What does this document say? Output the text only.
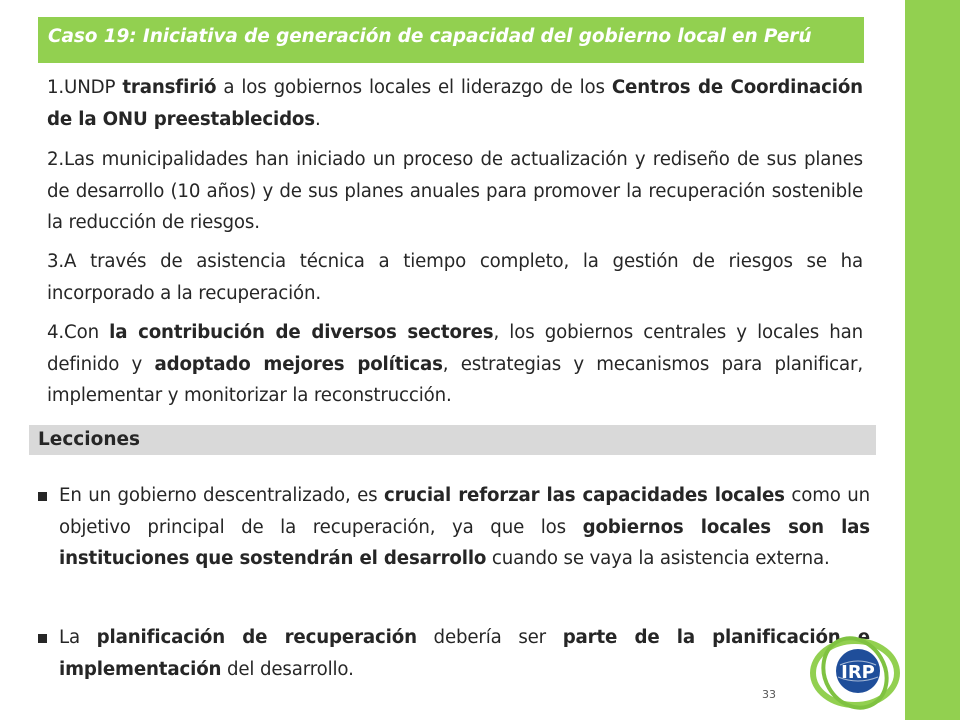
Caso 19: Iniciativa de generación de capacidad del gobierno local en Perú
1.UNDP transfirió a los gobiernos locales el liderazgo de los Centros de Coordinación de la ONU preestablecidos.
2.Las municipalidades han iniciado un proceso de actualización y rediseño de sus planes de desarrollo (10 años) y de sus planes anuales para promover la recuperación sostenible la reducción de riesgos.
3.A través de asistencia técnica a tiempo completo, la gestión de riesgos se ha incorporado a la recuperación.
4.Con la contribución de diversos sectores, los gobiernos centrales y locales han definido y adoptado mejores políticas, estrategias y mecanismos para planificar, implementar y monitorizar la reconstrucción.
Lecciones
En un gobierno descentralizado, es crucial reforzar las capacidades locales como un objetivo principal de la recuperación, ya que los gobiernos locales son las instituciones que sostendrán el desarrollo cuando se vaya la asistencia externa.
La planificación de recuperación debería ser parte de la planificación e implementación del desarrollo.
33
IRP
